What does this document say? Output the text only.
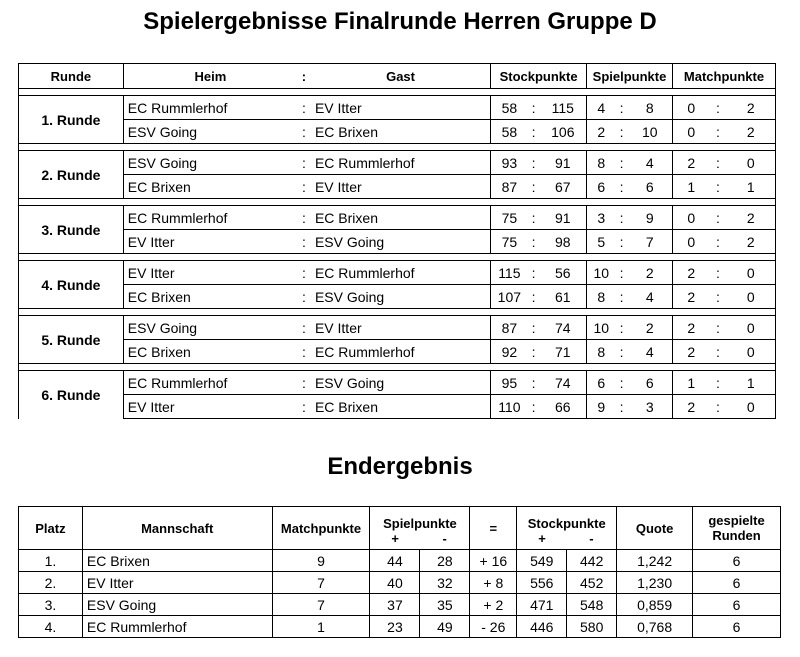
Spielergebnisse Finalrunde Herren Gruppe D
Runde	Heim	:	Gast	Stockpunkte			Spielpunkte			Matchpunkte		

1. Runde	EC Rummlerhof	:	EV Itter	58	:	115	4	:	8	0	:	2
	ESV Going	:	EC Brixen	58	:	106	2	:	10	0	:	2

2. Runde	ESV Going	:	EC Rummlerhof	93	:	91	8	:	4	2	:	0
	EC Brixen	:	EV Itter	87	:	67	6	:	6	1	:	1

3. Runde	EC Rummlerhof	:	EC Brixen	75	:	91	3	:	9	0	:	2
	EV Itter	:	ESV Going	75	:	98	5	:	7	0	:	2

4. Runde	EV Itter	:	EC Rummlerhof	115	:	56	10	:	2	2	:	0
	EC Brixen	:	ESV Going	107	:	61	8	:	4	2	:	0

5. Runde	ESV Going	:	EV Itter	87	:	74	10	:	2	2	:	0
	EC Brixen	:	EC Rummlerhof	92	:	71	8	:	4	2	:	0

6. Runde	EC Rummlerhof	:	ESV Going	95	:	74	6	:	6	1	:	1
	EV Itter	:	EC Brixen	110	:	66	9	:	3	2	:	0
Endergebnis
Platz	Mannschaft	Matchpunkte	Spielpunkte		=	Stockpunkte		Quote	gespielte Runden
			+	-		+	-		
1.	EC Brixen	9	44	28	+ 16	549	442	1,242	6
2.	EV Itter	7	40	32	+ 8	556	452	1,230	6
3.	ESV Going	7	37	35	+ 2	471	548	0,859	6
4.	EC Rummlerhof	1	23	49	- 26	446	580	0,768	6
